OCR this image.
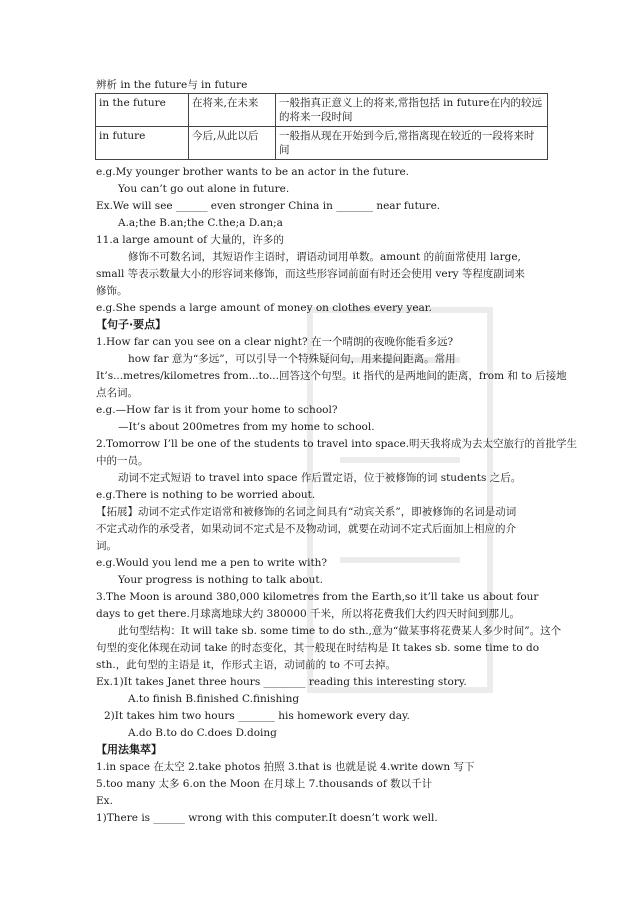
辨析 in the future与 in future
in the future	在将来,在未来	一般指真正意义上的将来,常指包括 in future在内的较远的将来一段时间
in future	今后,从此以后	一般指从现在开始到今后,常指离现在较近的一段将来时间
e.g.My younger brother wants to be an actor in the future.
You can’t go out alone in future.
Ex.We will see ______ even stronger China in _______ near future.
A.a;the B.an;the C.the;a D.an;a
11.a large amount of 大量的，许多的
修饰不可数名词，其短语作主语时，谓语动词用单数。amount 的前面常使用 large,
small 等表示数量大小的形容词来修饰，而这些形容词前面有时还会使用 very 等程度副词来
修饰。
e.g.She spends a large amount of money on clothes every year.
【句子·要点】
1.How far can you see on a clear night? 在一个晴朗的夜晚你能看多远?
how far 意为“多远”，可以引导一个特殊疑问句，用来提问距离。常用
It’s...metres/kilometres from...to...回答这个句型。it 指代的是两地间的距离，from 和 to 后接地
点名词。
e.g.—How far is it from your home to school?
—It’s about 200metres from my home to school.
2.Tomorrow I’ll be one of the students to travel into space.明天我将成为去太空旅行的首批学生
中的一员。
动词不定式短语 to travel into space 作后置定语，位于被修饰的词 students 之后。
e.g.There is nothing to be worried about.
【拓展】动词不定式作定语常和被修饰的名词之间具有“动宾关系”，即被修饰的名词是动词
不定式动作的承受者，如果动词不定式是不及物动词，就要在动词不定式后面加上相应的介
词。
e.g.Would you lend me a pen to write with?
Your progress is nothing to talk about.
3.The Moon is around 380,000 kilometres from the Earth,so it’ll take us about four
days to get there.月球离地球大约 380000 千米，所以将花费我们大约四天时间到那儿。
此句型结构：It will take sb. some time to do sth.,意为“做某事将花费某人多少时间”。这个
句型的变化体现在动词 take 的时态变化，其一般现在时结构是 It takes sb. some time to do
sth.，此句型的主语是 it，作形式主语，动词前的 to 不可去掉。
Ex.1)It takes Janet three hours ________ reading this interesting story.
A.to finish B.finished C.finishing
2)It takes him two hours _______ his homework every day.
A.do B.to do C.does D.doing
【用法集萃】
1.in space 在太空 2.take photos 拍照 3.that is 也就是说 4.write down 写下
5.too many 太多 6.on the Moon 在月球上 7.thousands of 数以千计
Ex.
1)There is ______ wrong with this computer.It doesn’t work well.
